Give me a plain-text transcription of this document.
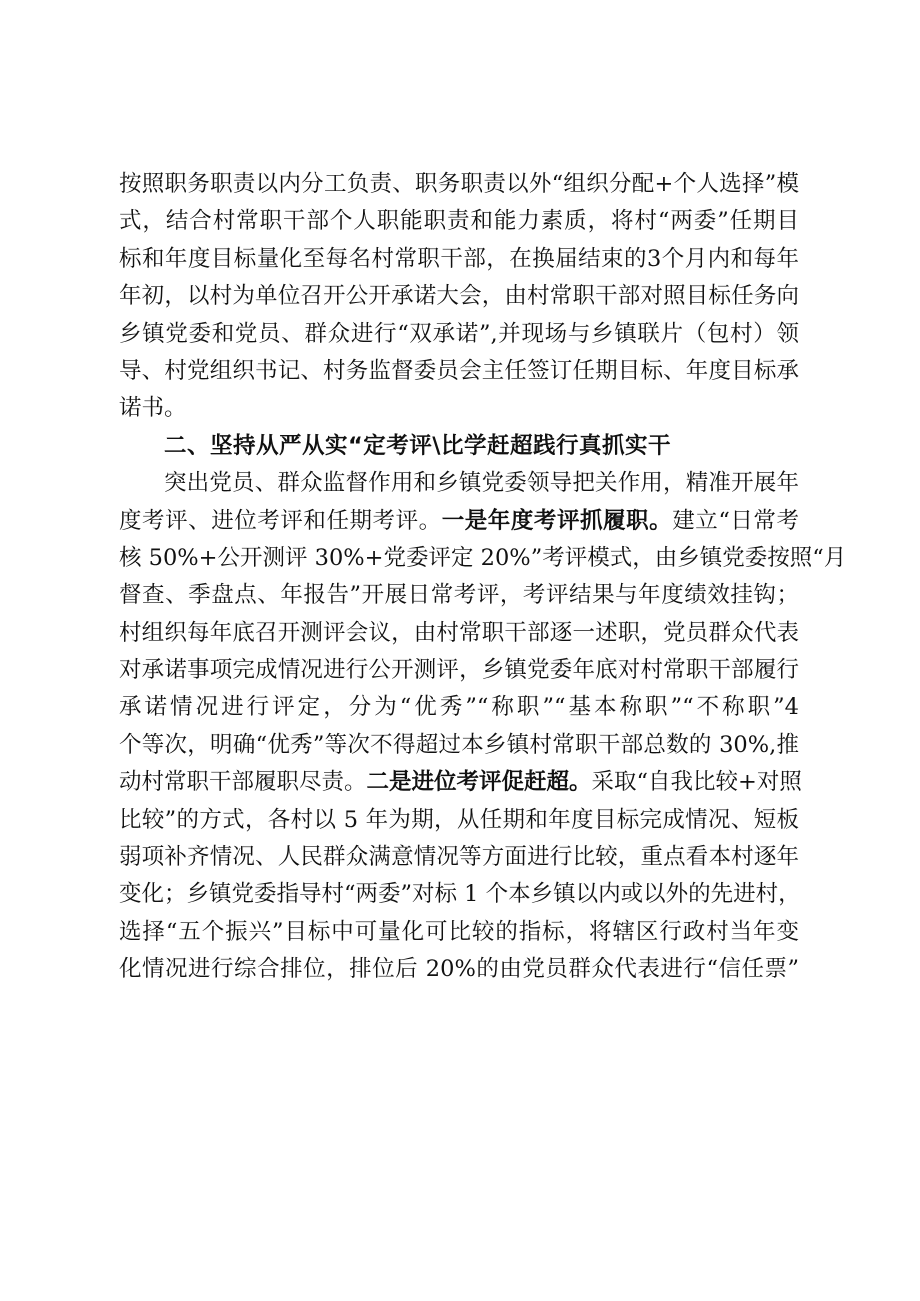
按照职务职责以内分工负责、职务职责以外“组织分配+个人选择”模
式，结合村常职干部个人职能职责和能力素质，将村“两委”任期目
标和年度目标量化至每名村常职干部，在换届结束的3个月内和每年
年初，以村为单位召开公开承诺大会，由村常职干部对照目标任务向
乡镇党委和党员、群众进行“双承诺”,并现场与乡镇联片（包村）领
导、村党组织书记、村务监督委员会主任签订任期目标、年度目标承
诺书。
二、坚持从严从实“定考评\比学赶超践行真抓实干
突出党员、群众监督作用和乡镇党委领导把关作用，精准开展年
度考评、进位考评和任期考评。一是年度考评抓履职。建立“日常考
核 50%+公开测评 30%+党委评定 20%”考评模式，由乡镇党委按照“月
督查、季盘点、年报告”开展日常考评，考评结果与年度绩效挂钩；
村组织每年底召开测评会议，由村常职干部逐一述职，党员群众代表
对承诺事项完成情况进行公开测评，乡镇党委年底对村常职干部履行
承诺情况进行评定，分为“优秀”“称职”“基本称职”“不称职”4
个等次，明确“优秀”等次不得超过本乡镇村常职干部总数的 30%,推
动村常职干部履职尽责。二是进位考评促赶超。采取“自我比较+对照
比较”的方式，各村以 5 年为期，从任期和年度目标完成情况、短板
弱项补齐情况、人民群众满意情况等方面进行比较，重点看本村逐年
变化；乡镇党委指导村“两委”对标 1 个本乡镇以内或以外的先进村，
选择“五个振兴”目标中可量化可比较的指标，将辖区行政村当年变
化情况进行综合排位，排位后 20%的由党员群众代表进行“信任票”
